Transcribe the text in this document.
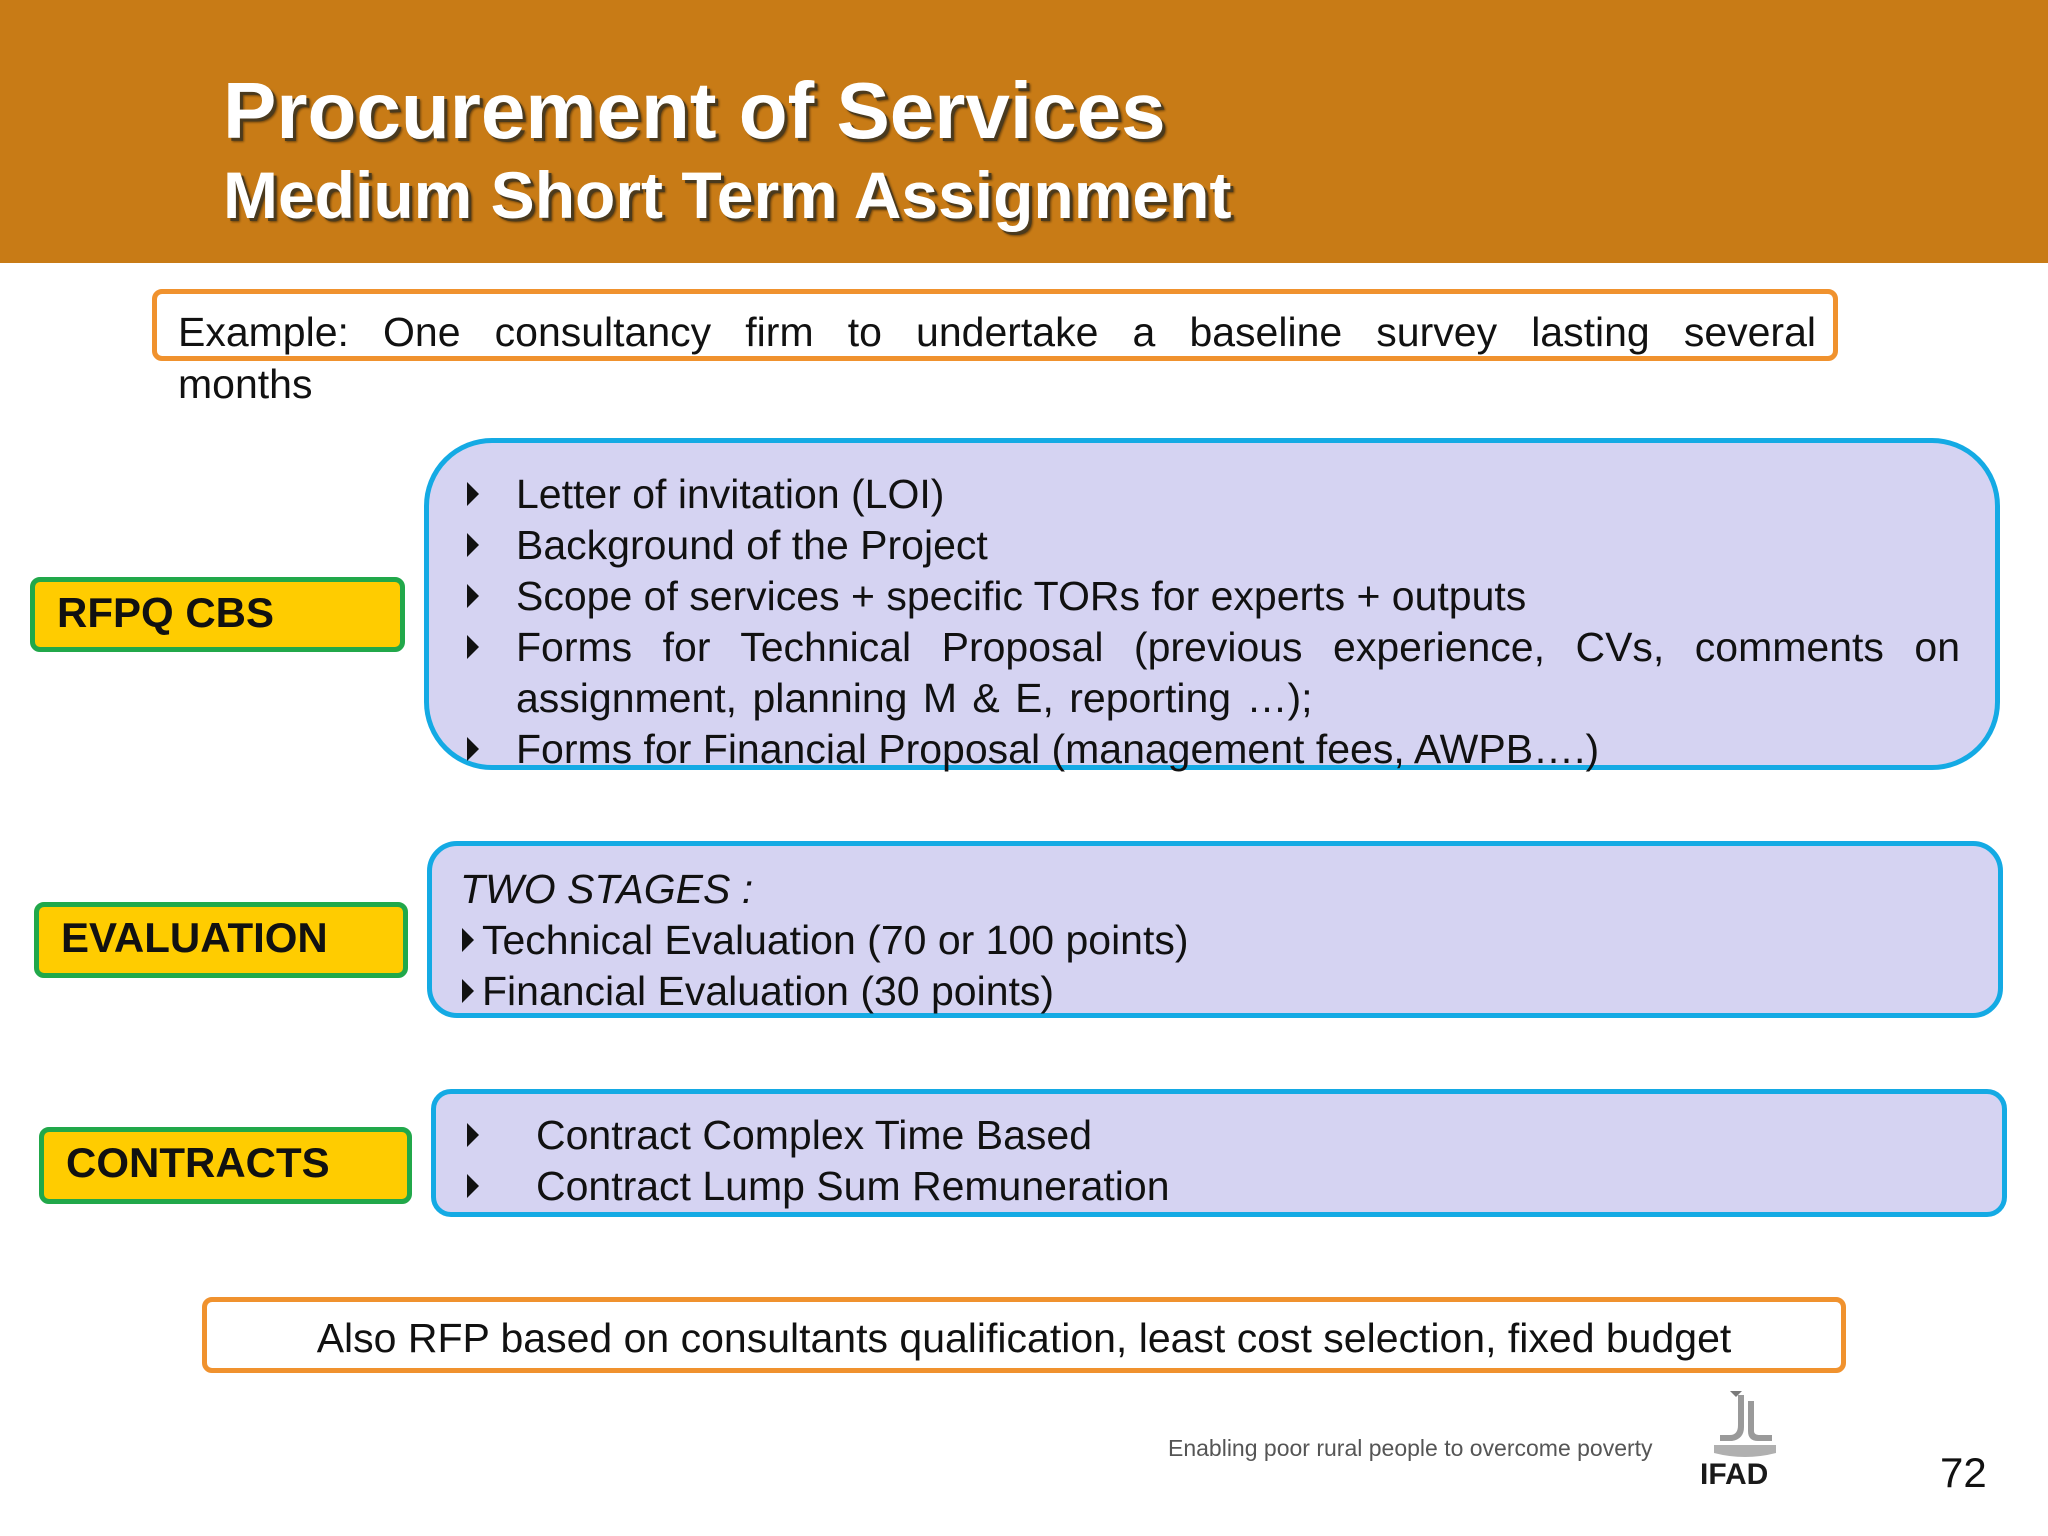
Procurement of Services
Medium Short Term Assignment
Example: One consultancy firm to undertake a baseline survey lasting several months
RFPQ CBS
Letter of invitation (LOI)
Background of the Project
Scope of services + specific TORs for experts + outputs
Forms for Technical Proposal (previous experience, CVs, comments on assignment, planning M & E, reporting …);
Forms for Financial Proposal (management fees, AWPB….)
EVALUATION
TWO STAGES :
Technical Evaluation (70 or 100 points)
Financial Evaluation (30 points)
CONTRACTS
Contract Complex Time Based
Contract Lump Sum Remuneration
Also RFP based on consultants qualification, least cost selection, fixed budget
Enabling poor rural people to overcome poverty
IFAD	72
